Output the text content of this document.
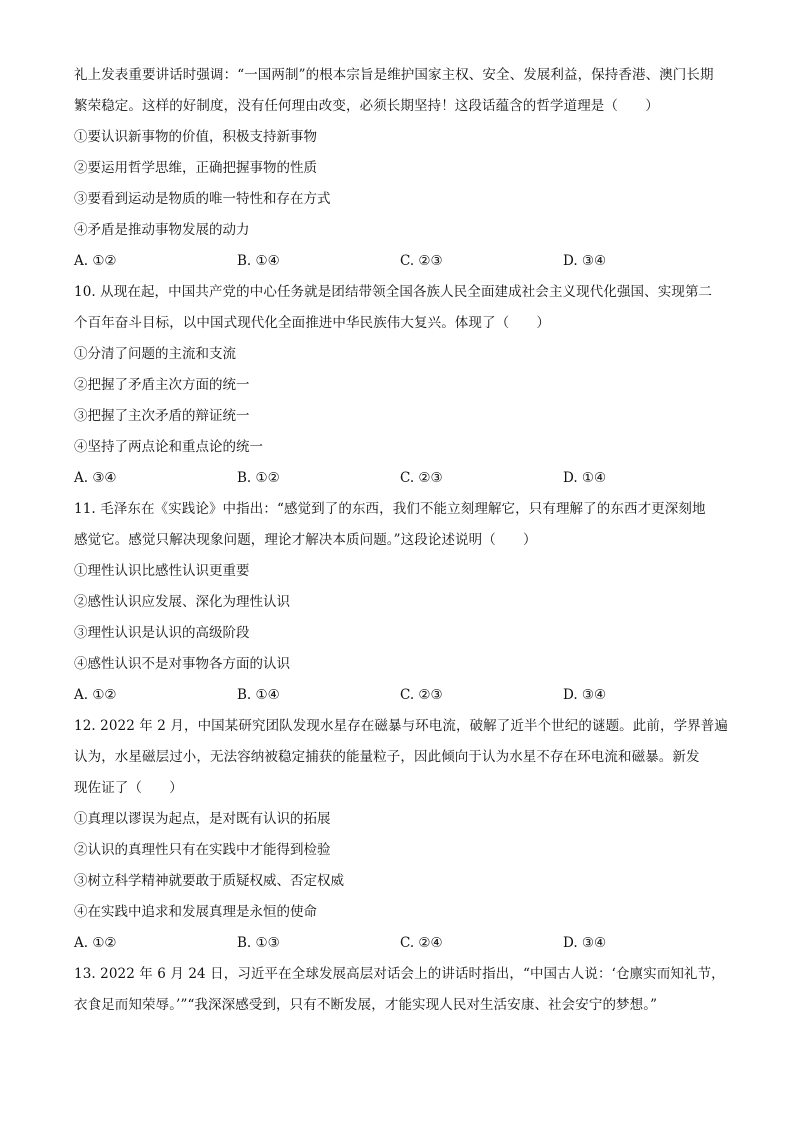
礼上发表重要讲话时强调：“一国两制”的根本宗旨是维护国家主权、安全、发展利益，保持香港、澳门长期
繁荣稳定。这样的好制度，没有任何理由改变，必须长期坚持！这段话蕴含的哲学道理是（　　）
①要认识新事物的价值，积极支持新事物
②要运用哲学思维，正确把握事物的性质
③要看到运动是物质的唯一特性和存在方式
④矛盾是推动事物发展的动力
A. ①②	B. ①④	C. ②③	D. ③④
10. 从现在起，中国共产党的中心任务就是团结带领全国各族人民全面建成社会主义现代化强国、实现第二
个百年奋斗目标，以中国式现代化全面推进中华民族伟大复兴。体现了（　　）
①分清了问题的主流和支流
②把握了矛盾主次方面的统一
③把握了主次矛盾的辩证统一
④坚持了两点论和重点论的统一
A. ③④	B. ①②	C. ②③	D. ①④
11. 毛泽东在《实践论》中指出：“感觉到了的东西，我们不能立刻理解它，只有理解了的东西才更深刻地
感觉它。感觉只解决现象问题，理论才解决本质问题。”这段论述说明（　　）
①理性认识比感性认识更重要
②感性认识应发展、深化为理性认识
③理性认识是认识的高级阶段
④感性认识不是对事物各方面的认识
A. ①②	B. ①④	C. ②③	D. ③④
12. 2022 年 2 月，中国某研究团队发现水星存在磁暴与环电流，破解了近半个世纪的谜题。此前，学界普遍
认为，水星磁层过小，无法容纳被稳定捕获的能量粒子，因此倾向于认为水星不存在环电流和磁暴。新发
现佐证了（　　）
①真理以谬误为起点，是对既有认识的拓展
②认识的真理性只有在实践中才能得到检验
③树立科学精神就要敢于质疑权威、否定权威
④在实践中追求和发展真理是永恒的使命
A. ①②	B. ①③	C. ②④	D. ③④
13. 2022 年 6 月 24 日，习近平在全球发展高层对话会上的讲话时指出，“中国古人说：‘仓廪实而知礼节，
衣食足而知荣辱。’”“我深深感受到，只有不断发展，才能实现人民对生活安康、社会安宁的梦想。”
